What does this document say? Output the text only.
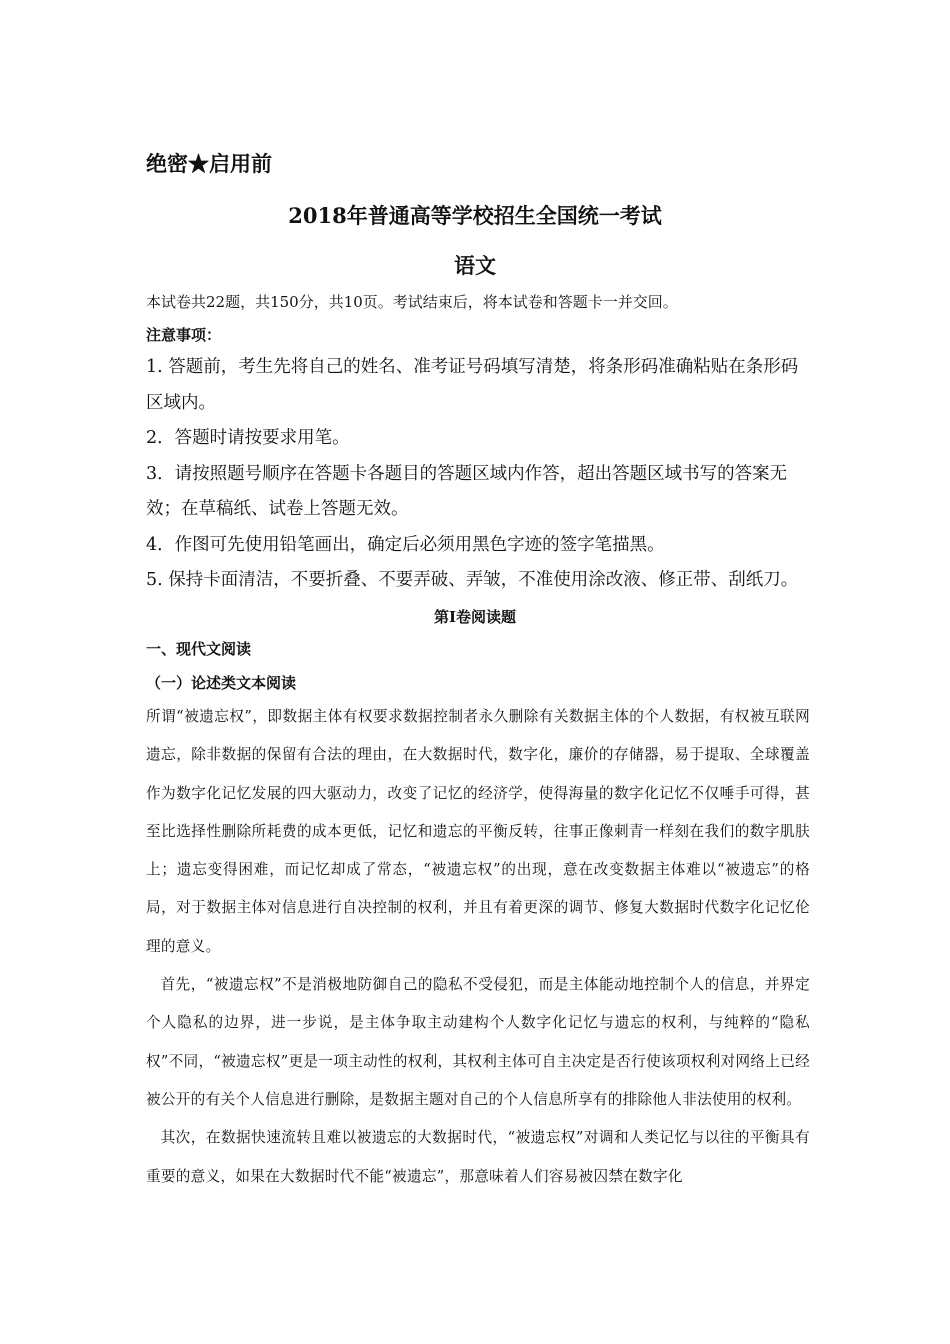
绝密★启用前
2018年普通高等学校招生全国统一考试
语文
本试卷共22题，共150分，共10页。考试结束后，将本试卷和答题卡一并交回。
注意事项：
1. 答题前，考生先将自己的姓名、准考证号码填写清楚，将条形码准确粘贴在条形码区域内。
2．答题时请按要求用笔。
3．请按照题号顺序在答题卡各题目的答题区域内作答，超出答题区域书写的答案无效；在草稿纸、试卷上答题无效。
4．作图可先使用铅笔画出，确定后必须用黑色字迹的签字笔描黑。
5. 保持卡面清洁，不要折叠、不要弄破、弄皱，不准使用涂改液、修正带、刮纸刀。
第Ⅰ卷阅读题
一、现代文阅读
（一）论述类文本阅读

所谓“被遗忘权”，即数据主体有权要求数据控制者永久删除有关数据主体的个人数据，有权被互联网遗忘，除非数据的保留有合法的理由，在大数据时代，数字化，廉价的存储器，易于提取、全球覆盖作为数字化记忆发展的四大驱动力，改变了记忆的经济学，使得海量的数字化记忆不仅唾手可得，甚至比选择性删除所耗费的成本更低，记忆和遗忘的平衡反转，往事正像刺青一样刻在我们的数字肌肤上；遗忘变得困难，而记忆却成了常态，“被遗忘权”的出现，意在改变数据主体难以“被遗忘”的格局，对于数据主体对信息进行自决控制的权利，并且有着更深的调节、修复大数据时代数字化记忆伦理的意义。

首先，“被遗忘权”不是消极地防御自己的隐私不受侵犯，而是主体能动地控制个人的信息，并界定个人隐私的边界，进一步说，是主体争取主动建构个人数字化记忆与遗忘的权利，与纯粹的“隐私权”不同，“被遗忘权”更是一项主动性的权利，其权利主体可自主决定是否行使该项权利对网络上已经被公开的有关个人信息进行删除，是数据主题对自己的个人信息所享有的排除他人非法使用的权利。

其次，在数据快速流转且难以被遗忘的大数据时代，“被遗忘权”对调和人类记忆与以往的平衡具有重要的意义，如果在大数据时代不能“被遗忘”，那意味着人们容易被囚禁在数字化
